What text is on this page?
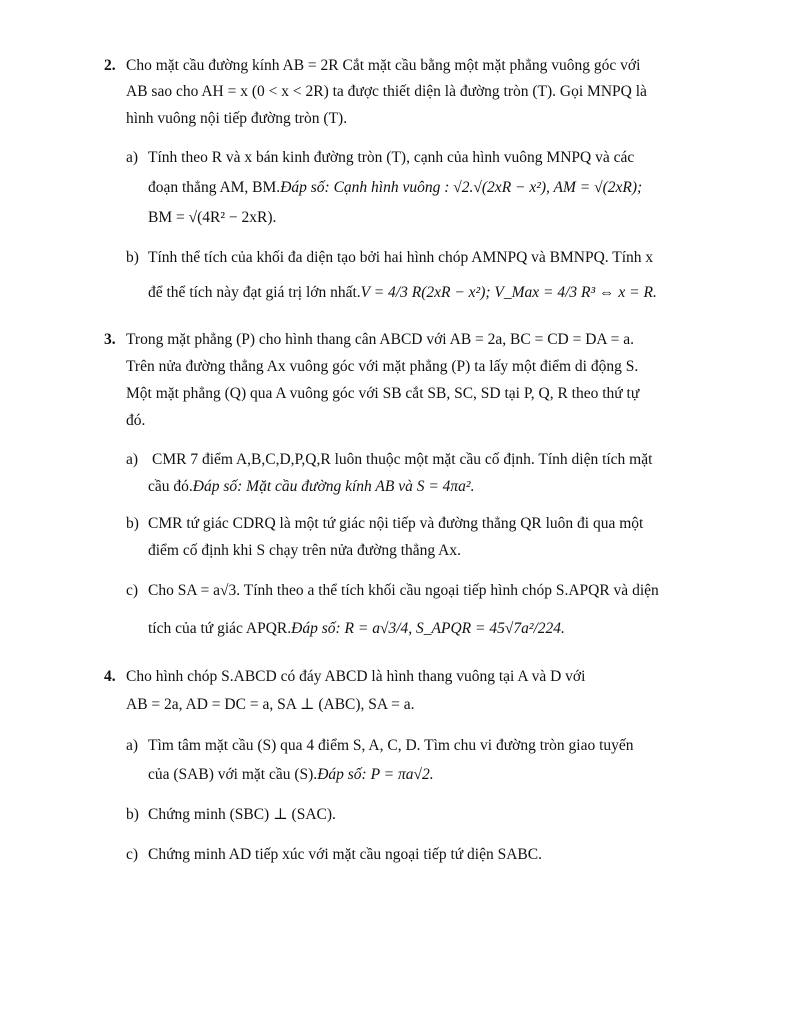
2. Cho mặt cầu đường kính AB = 2R Cắt mặt cầu bằng một mặt phẳng vuông góc với
AB sao cho AH = x (0 < x < 2R) ta được thiết diện là đường tròn (T). Gọi MNPQ là
hình vuông nội tiếp đường tròn (T).
a) Tính theo R và x bán kinh đường tròn (T), cạnh của hình vuông MNPQ và các
đoạn thẳng AM, BM.Đáp số: Cạnh hình vuông : √2.√(2xR − x²), AM = √(2xR);
BM = √(4R² − 2xR).
b) Tính thể tích của khối đa diện tạo bởi hai hình chóp AMNPQ và BMNPQ. Tính x
để thể tích này đạt giá trị lớn nhất.V = 4/3 R(2xR − x²); V_Max = 4/3 R³ ⇔ x = R.
3. Trong mặt phẳng (P) cho hình thang cân ABCD với AB = 2a, BC = CD = DA = a.
Trên nửa đường thẳng Ax vuông góc với mặt phẳng (P) ta lấy một điểm di động S.
Một mặt phẳng (Q) qua A vuông góc với SB cắt SB, SC, SD tại P, Q, R theo thứ tự
đó.
a) CMR 7 điểm A,B,C,D,P,Q,R luôn thuộc một mặt cầu cố định. Tính diện tích mặt
cầu đó.Đáp số: Mặt cầu đường kính AB và S = 4πa².
b) CMR tứ giác CDRQ là một tứ giác nội tiếp và đường thẳng QR luôn đi qua một
điểm cố định khi S chạy trên nửa đường thẳng Ax.
c) Cho SA = a√3. Tính theo a thể tích khối cầu ngoại tiếp hình chóp S.APQR và diện
tích của tứ giác APQR.Đáp số: R = a√3/4, S_APQR = 45√7a²/224.
4. Cho hình chóp S.ABCD có đáy ABCD là hình thang vuông tại A và D với
AB = 2a, AD = DC = a, SA ⊥ (ABC), SA = a.
a) Tìm tâm mặt cầu (S) qua 4 điểm S, A, C, D. Tìm chu vi đường tròn giao tuyến
của (SAB) với mặt cầu (S).Đáp số: P = πa√2.
b) Chứng minh (SBC) ⊥ (SAC).
c) Chứng minh AD tiếp xúc với mặt cầu ngoại tiếp tứ diện SABC.
